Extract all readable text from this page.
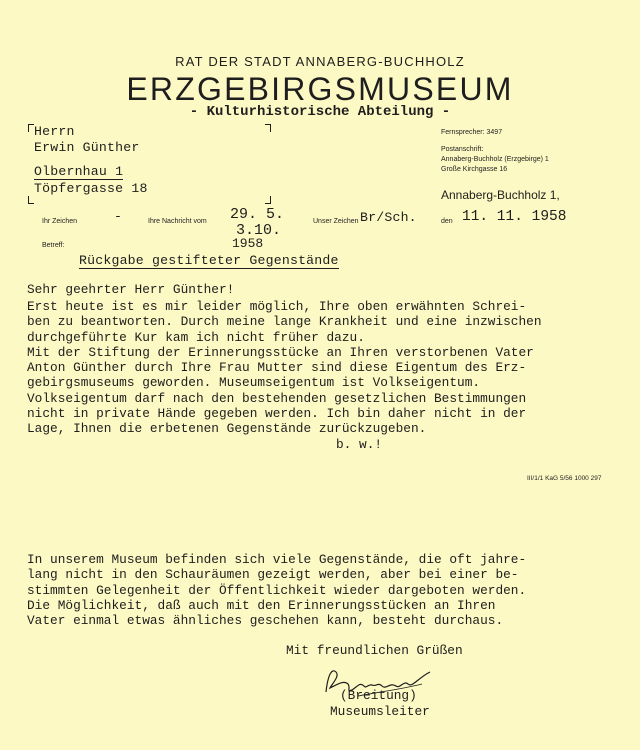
RAT DER STADT ANNABERG-BUCHHOLZ
ERZGEBIRGSMUSEUM
- Kulturhistorische Abteilung -
Herrn
Erwin Günther
Olbernhau 1
Töpfergasse 18
Fernsprecher: 3497
Postanschrift:
Annaberg-Buchholz (Erzgebirge) 1
Große Kirchgasse 16
Annaberg-Buchholz 1,
Ihr Zeichen	-	Ihre Nachricht vom 29. 5.
3.10.
1958
Unser Zeichen Br/Sch.	den 11. 11. 1958
Betreff:
Rückgabe gestifteter Gegenstände
Sehr geehrter Herr Günther!
Erst heute ist es mir leider möglich, Ihre oben erwähnten Schrei-
ben zu beantworten. Durch meine lange Krankheit und eine inzwischen
durchgeführte Kur kam ich nicht früher dazu.
Mit der Stiftung der Erinnerungsstücke an Ihren verstorbenen Vater
Anton Günther durch Ihre Frau Mutter sind diese Eigentum des Erz-
gebirgsmuseums geworden. Museumseigentum ist Volkseigentum.
Volkseigentum darf nach den bestehenden gesetzlichen Bestimmungen
nicht in private Hände gegeben werden. Ich bin daher nicht in der
Lage, Ihnen die erbetenen Gegenstände zurückzugeben.
b. w.!
III/1/1 KaG 5/56 1000 297
In unserem Museum befinden sich viele Gegenstände, die oft jahre-
lang nicht in den Schauräumen gezeigt werden, aber bei einer be-
stimmten Gelegenheit der Öffentlichkeit wieder dargeboten werden.
Die Möglichkeit, daß auch mit den Erinnerungsstücken an Ihren
Vater einmal etwas ähnliches geschehen kann, besteht durchaus.
Mit freundlichen Grüßen
(Breitung)
Museumsleiter
